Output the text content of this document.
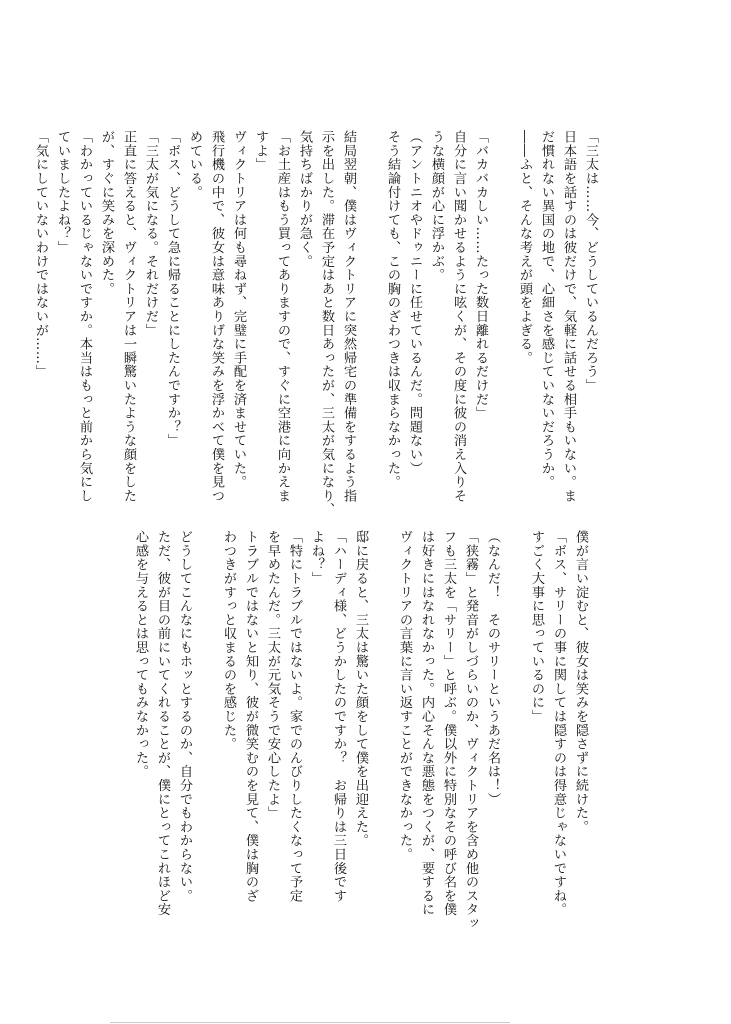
「三太は……今、どうしているんだろう」
日本語を話すのは彼だけで、気軽に話せる相手もいない。ま
だ慣れない異国の地で、心細さを感じていないだろうか。
――ふと、そんな考えが頭をよぎる。

「バカバカしい……たった数日離れるだけだ」
自分に言い聞かせるように呟くが、その度に彼の消え入りそ
うな横顔が心に浮かぶ。
（アントニオやドゥニーに任せているんだ。問題ない）
そう結論付けても、この胸のざわつきは収まらなかった。

結局翌朝、僕はヴィクトリアに突然帰宅の準備をするよう指
示を出した。滞在予定はあと数日あったが、三太が気になり、
気持ちばかりが急く。
「お土産はもう買ってありますので、すぐに空港に向かえま
すよ」
ヴィクトリアは何も尋ねず、完璧に手配を済ませていた。
飛行機の中で、彼女は意味ありげな笑みを浮かべて僕を見つ
めている。
「ボス、どうして急に帰ることにしたんですか？」
「三太が気になる。それだけだ」
正直に答えると、ヴィクトリアは一瞬驚いたような顔をした
が、すぐに笑みを深めた。
「わかっているじゃないですか。本当はもっと前から気にし
ていましたよね？」
「気にしていないわけではないが……」
僕が言い淀むと、彼女は笑みを隠さずに続けた。
「ボス、サリーの事に関しては隠すのは得意じゃないですね。
すごく大事に思っているのに」

（なんだ！　そのサリーというあだ名は！）
「狭霧」と発音がしづらいのか、ヴィクトリアを含め他のスタッ
フも三太を「サリー」と呼ぶ。僕以外に特別なその呼び名を僕
は好きにはなれなかった。内心そんな悪態をつくが、要するに
ヴィクトリアの言葉に言い返すことができなかった。

邸に戻ると、三太は驚いた顔をして僕を出迎えた。
「ハーディ様、どうかしたのですか？　お帰りは三日後です
よね？」
「特にトラブルではないよ。家でのんびりしたくなって予定
を早めたんだ。三太が元気そうで安心したよ」
トラブルではないと知り、彼が微笑むのを見て、僕は胸のざ
わつきがすっと収まるのを感じた。

どうしてこんなにもホッとするのか、自分でもわからない。
ただ、彼が目の前にいてくれることが、僕にとってこれほど安
心感を与えるとは思ってもみなかった。
